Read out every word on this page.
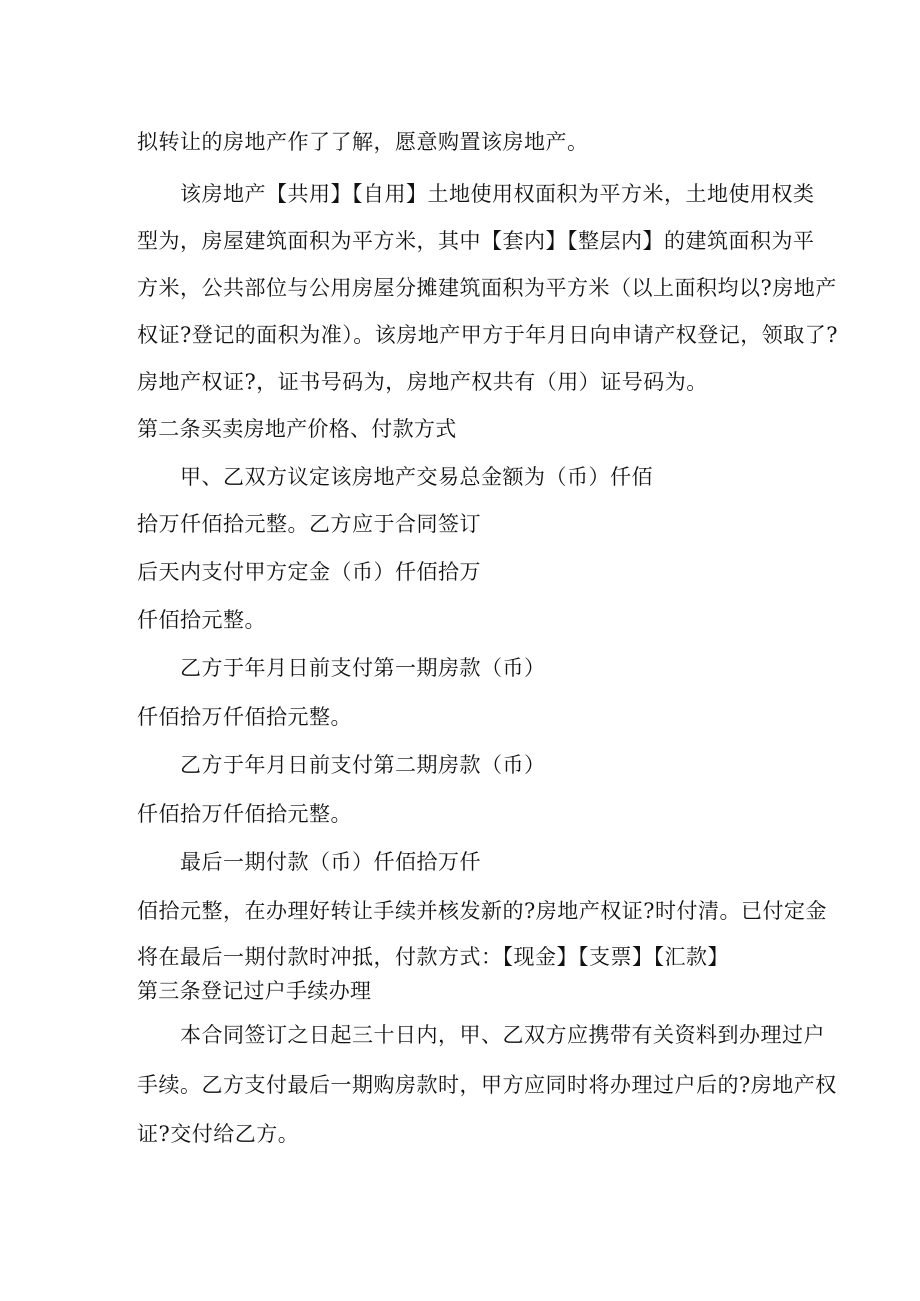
拟转让的房地产作了了解，愿意购置该房地产。
该房地产【共用】【自用】土地使用权面积为平方米，土地使用权类
型为，房屋建筑面积为平方米，其中【套内】【整层内】的建筑面积为平
方米，公共部位与公用房屋分摊建筑面积为平方米（以上面积均以?房地产
权证?登记的面积为准）。该房地产甲方于年月日向申请产权登记，领取了?
房地产权证?，证书号码为，房地产权共有（用）证号码为。
第二条买卖房地产价格、付款方式
甲、乙双方议定该房地产交易总金额为（币）仟佰
拾万仟佰拾元整。乙方应于合同签订
后天内支付甲方定金（币）仟佰拾万
仟佰拾元整。
乙方于年月日前支付第一期房款（币）
仟佰拾万仟佰拾元整。
乙方于年月日前支付第二期房款（币）
仟佰拾万仟佰拾元整。
最后一期付款（币）仟佰拾万仟
佰拾元整，在办理好转让手续并核发新的?房地产权证?时付清。已付定金
将在最后一期付款时冲抵，付款方式：【现金】【支票】【汇款】
第三条登记过户手续办理
本合同签订之日起三十日内，甲、乙双方应携带有关资料到办理过户
手续。乙方支付最后一期购房款时，甲方应同时将办理过户后的?房地产权
证?交付给乙方。
